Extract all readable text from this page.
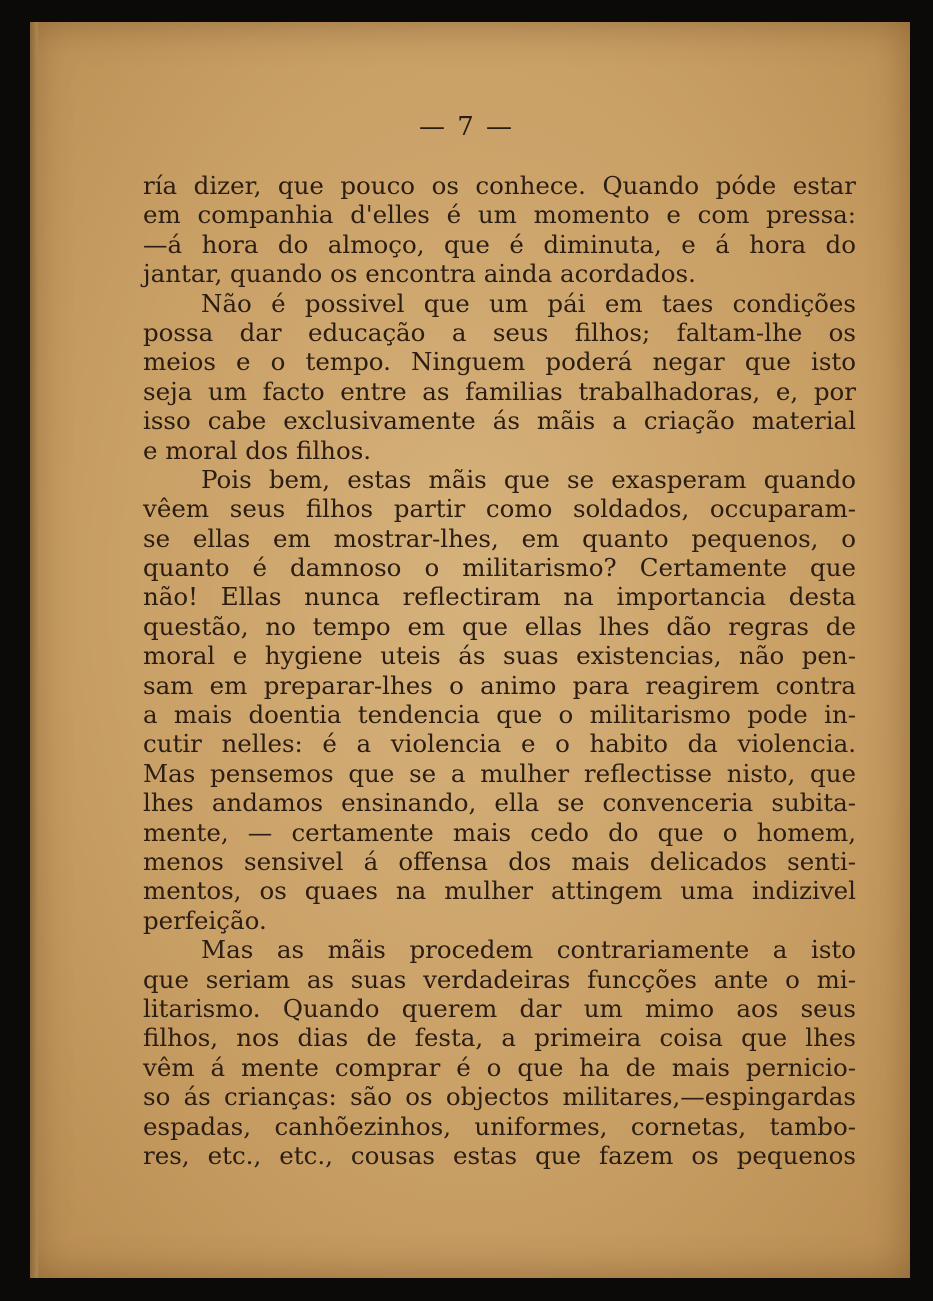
— 7 —
ría dizer, que pouco os conhece. Quando póde estar
em companhia d'elles é um momento e com pressa:
—á hora do almoço, que é diminuta, e á hora do
jantar, quando os encontra ainda acordados.
Não é possivel que um pái em taes condições
possa dar educação a seus filhos; faltam-lhe os
meios e o tempo. Ninguem poderá negar que isto
seja um facto entre as familias trabalhadoras, e, por
isso cabe exclusivamente ás mãis a criação material
e moral dos filhos.
Pois bem, estas mãis que se exasperam quando
vêem seus filhos partir como soldados, occuparam-
se ellas em mostrar-lhes, em quanto pequenos, o
quanto é damnoso o militarismo? Certamente que
não! Ellas nunca reflectiram na importancia desta
questão, no tempo em que ellas lhes dão regras de
moral e hygiene uteis ás suas existencias, não pen-
sam em preparar-lhes o animo para reagirem contra
a mais doentia tendencia que o militarismo pode in-
cutir nelles: é a violencia e o habito da violencia.
Mas pensemos que se a mulher reflectisse nisto, que
lhes andamos ensinando, ella se convenceria subita-
mente, — certamente mais cedo do que o homem,
menos sensivel á offensa dos mais delicados senti-
mentos, os quaes na mulher attingem uma indizivel
perfeição.
Mas as mãis procedem contrariamente a isto
que seriam as suas verdadeiras funcções ante o mi-
litarismo. Quando querem dar um mimo aos seus
filhos, nos dias de festa, a primeira coisa que lhes
vêm á mente comprar é o que ha de mais pernicio-
so ás crianças: são os objectos militares,—espingardas
espadas, canhõezinhos, uniformes, cornetas, tambo-
res, etc., etc., cousas estas que fazem os pequenos
